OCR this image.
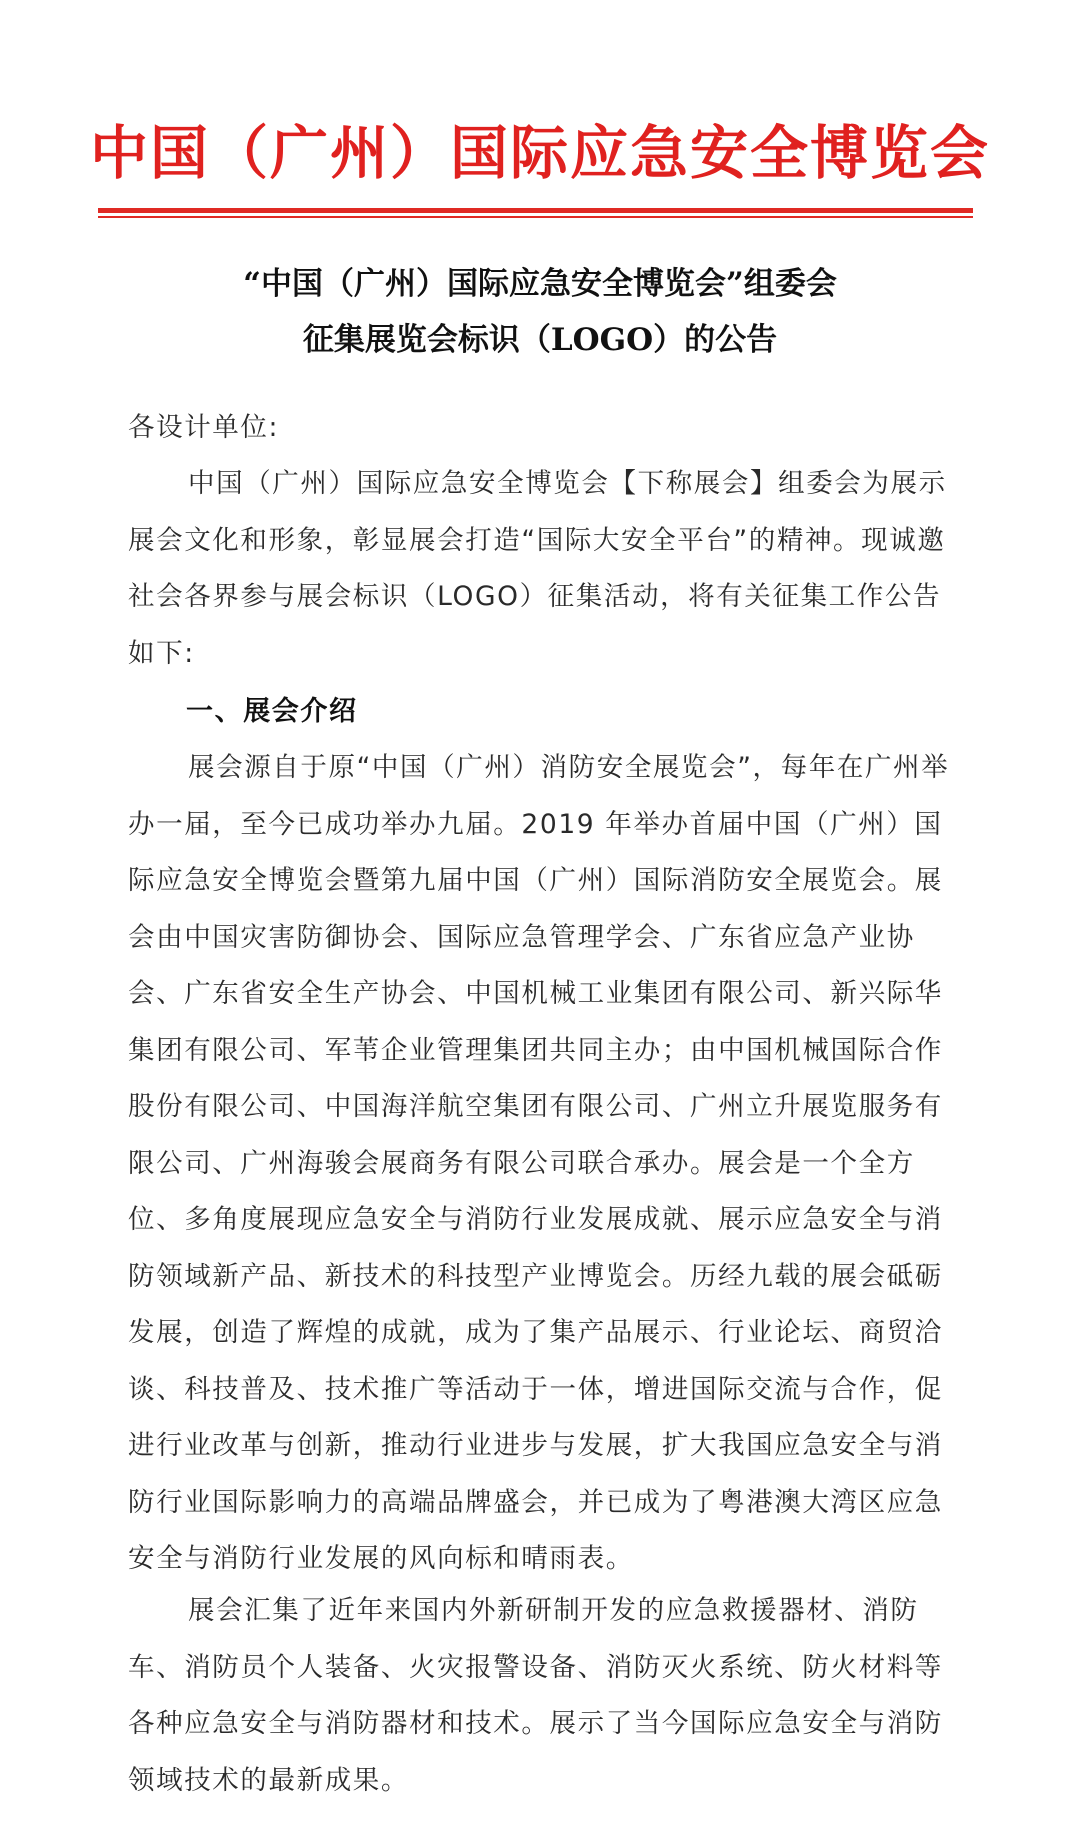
中国（广州）国际应急安全博览会
“中国（广州）国际应急安全博览会”组委会
征集展览会标识（LOGO）的公告

各设计单位:

中国（广州）国际应急安全博览会【下称展会】组委会为展示展会文化和形象，彰显展会打造“国际大安全平台”的精神。现诚邀社会各界参与展会标识（LOGO）征集活动，将有关征集工作公告如下:

一、展会介绍

展会源自于原“中国（广州）消防安全展览会”，每年在广州举办一届，至今已成功举办九届。2019 年举办首届中国（广州）国际应急安全博览会暨第九届中国（广州）国际消防安全展览会。展会由中国灾害防御协会、国际应急管理学会、广东省应急产业协会、广东省安全生产协会、中国机械工业集团有限公司、新兴际华集团有限公司、军苇企业管理集团共同主办；由中国机械国际合作股份有限公司、中国海洋航空集团有限公司、广州立升展览服务有限公司、广州海骏会展商务有限公司联合承办。展会是一个全方位、多角度展现应急安全与消防行业发展成就、展示应急安全与消防领域新产品、新技术的科技型产业博览会。历经九载的展会砥砺发展，创造了辉煌的成就，成为了集产品展示、行业论坛、商贸洽谈、科技普及、技术推广等活动于一体，增进国际交流与合作，促进行业改革与创新，推动行业进步与发展，扩大我国应急安全与消防行业国际影响力的高端品牌盛会，并已成为了粤港澳大湾区应急安全与消防行业发展的风向标和晴雨表。

展会汇集了近年来国内外新研制开发的应急救援器材、消防车、消防员个人装备、火灾报警设备、消防灭火系统、防火材料等各种应急安全与消防器材和技术。展示了当今国际应急安全与消防领域技术的最新成果。
